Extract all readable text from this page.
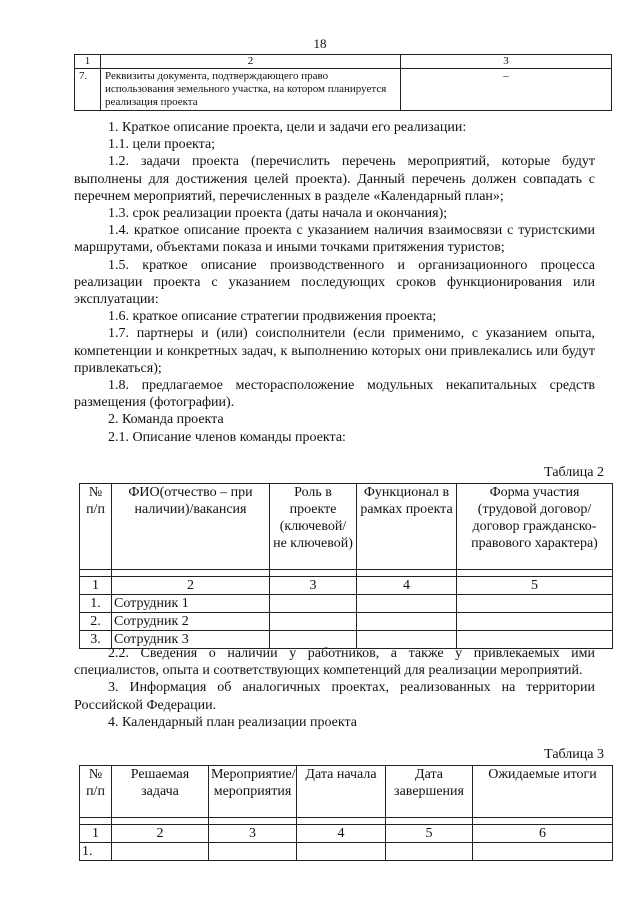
18
1	2	3
7.	Реквизиты документа, подтверждающего право использования земельного участка, на котором планируется реализация проекта	–

1. Краткое описание проекта, цели и задачи его реализации:

1.1. цели проекта;

1.2. задачи проекта (перечислить перечень мероприятий, которые будут выполнены для достижения целей проекта). Данный перечень должен совпадать с перечнем мероприятий, перечисленных в разделе «Календарный план»;

1.3. срок реализации проекта (даты начала и окончания);

1.4. краткое описание проекта с указанием наличия взаимосвязи с туристскими маршрутами, объектами показа и иными точками притяжения туристов;

1.5. краткое описание производственного и организационного процесса реализации проекта с указанием последующих сроков функционирования или эксплуатации:

1.6. краткое описание стратегии продвижения проекта;

1.7. партнеры и (или) соисполнители (если применимо, с указанием опыта, компетенции и конкретных задач, к выполнению которых они привлекались или будут привлекаться);

1.8. предлагаемое месторасположение модульных некапитальных средств размещения (фотографии).

2. Команда проекта

2.1. Описание членов команды проекта:

Таблица 2
№ п/п	ФИО(отчество – при наличии)/вакансия	Роль в проекте (ключевой/ не ключевой)	Функционал в рамках проекта	Форма участия (трудовой договор/договор гражданско-правового характера)

1	2	3	4	5
1.	Сотрудник 1			
2.	Сотрудник 2			
3.	Сотрудник 3			

2.2. Сведения о наличии у работников, а также у привлекаемых ими специалистов, опыта и соответствующих компетенций для реализации мероприятий.

3. Информация об аналогичных проектах, реализованных на территории Российской Федерации.

4. Календарный план реализации проекта

Таблица 3
№ п/п	Решаемая задача	Мероприятие/мероприятия	Дата начала	Дата завершения	Ожидаемые итоги

1	2	3	4	5	6
1.					
